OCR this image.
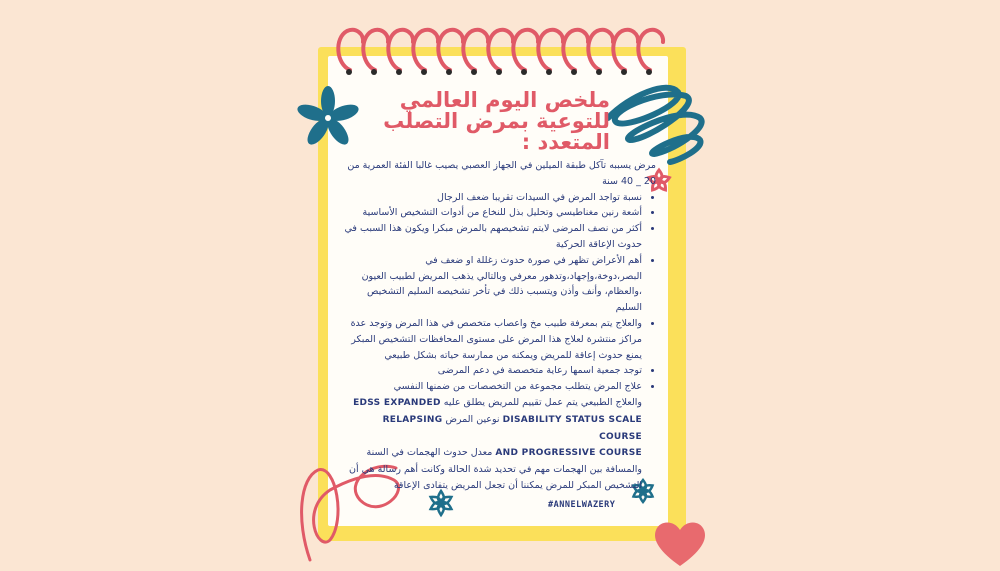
ملخص اليوم العالمي للتوعية بمرض التصلب المتعدد :

مرض يسببه تآكل طبقة الميلين في الجهاز العصبي يصيب غالبا الفئة العمرية من 20 _ 40 سنة

• نسبة تواجد المرض في السيدات تقريبا ضعف الرجال
• أشعة رنين مغناطيسي وتحليل بذل للنخاع من أدوات التشخيص الأساسية
• أكثر من نصف المرضى لايتم تشخيصهم بالمرض مبكرا ويكون هذا السبب في حدوث الإعاقة الحركية
• أهم الأعراض تظهر في صورة حدوث زغللة او ضعف في البصر،دوخة،وإجهاد،وتدهور معرفي وبالتالي يذهب المريض لطبيب العيون ،والعظام، وأنف وأذن ويتسبب ذلك في تأخر تشخيصه السليم التشخيص السليم
• والعلاج يتم بمعرفة طبيب مخ واعصاب متخصص في هذا المرض وتوجد عدة مراكز منتشرة لعلاج هذا المرض على مستوى المحافظات التشخيص المبكر يمنع حدوث إعاقة للمريض ويمكنه من ممارسة حياته بشكل طبيعي
• توجد جمعية اسمها رعاية متخصصة في دعم المرضى
• علاج المرض يتطلب مجموعة من التخصصات من ضمنها النفسي
والعلاج الطبيعي يتم عمل تقييم للمريض يطلق عليه EDSS EXPANDED
DISABILITY STATUS SCALE نوعين المرض RELAPSING COURSE
AND PROGRESSIVE COURSE معدل حدوث الهجمات في السنة
والمسافة بين الهجمات مهم في تحديد شدة الحالة وكانت أهم رسالة هي أن التشخيص المبكر للمرض يمكننا أن تجعل المريض يتفادى الإعاقة
#ANNELWAZERY
